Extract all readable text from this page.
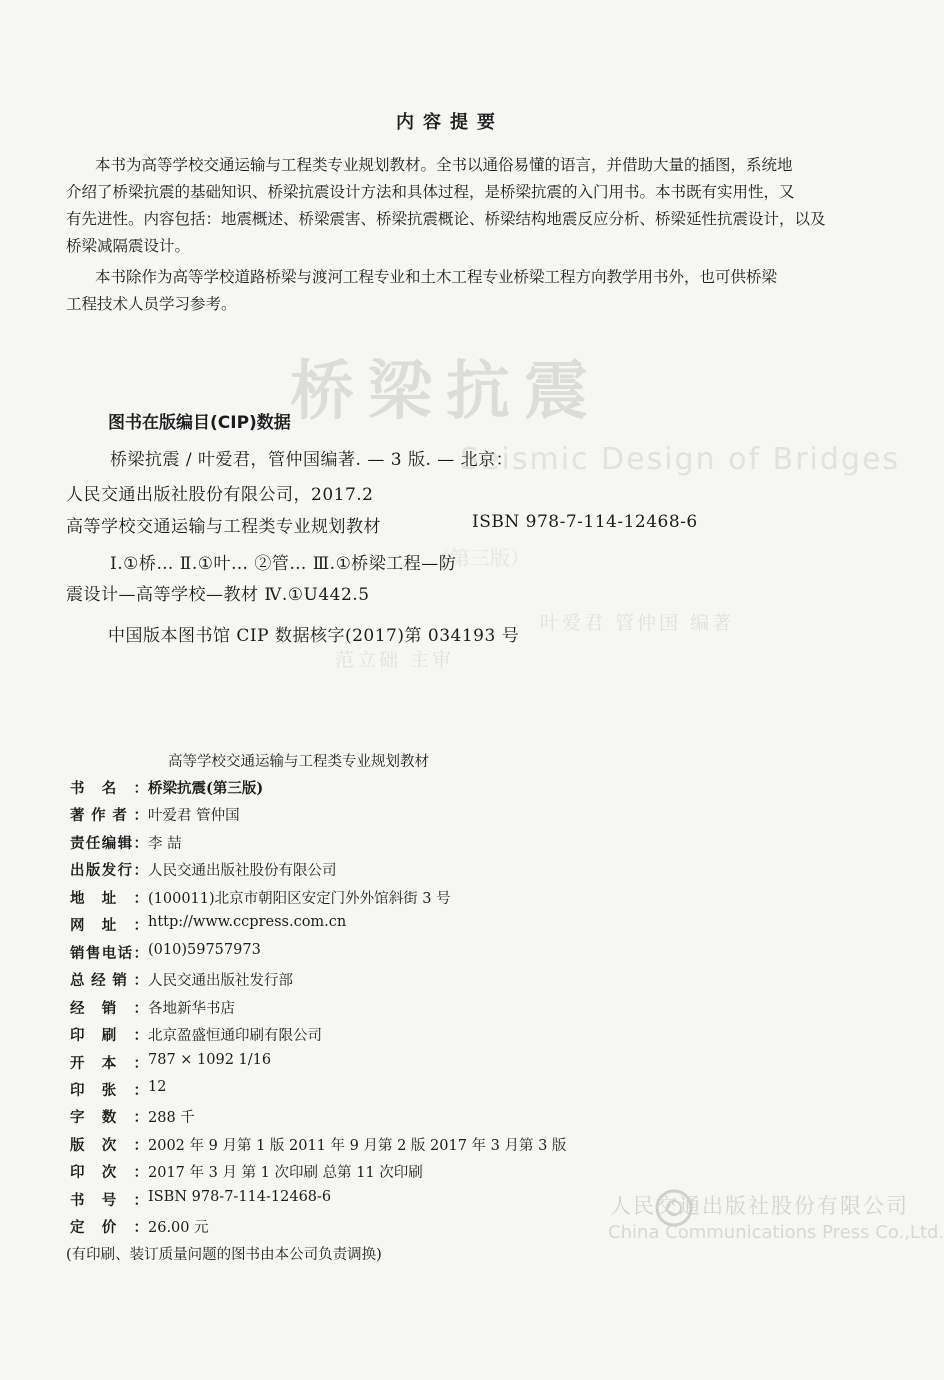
桥梁抗震
Seismic Design of Bridges
（第三版）
叶爱君 管仲国 编著
范立础 主审
人民交通出版社股份有限公司
China Communications Press Co.,Ltd.
内容提要
本书为高等学校交通运输与工程类专业规划教材。全书以通俗易懂的语言，并借助大量的插图，系统地
介绍了桥梁抗震的基础知识、桥梁抗震设计方法和具体过程，是桥梁抗震的入门用书。本书既有实用性，又
有先进性。内容包括：地震概述、桥梁震害、桥梁抗震概论、桥梁结构地震反应分析、桥梁延性抗震设计，以及
桥梁减隔震设计。
本书除作为高等学校道路桥梁与渡河工程专业和土木工程专业桥梁工程方向教学用书外，也可供桥梁
工程技术人员学习参考。
图书在版编目(CIP)数据
桥梁抗震 / 叶爱君，管仲国编著. — 3 版. — 北京：
人民交通出版社股份有限公司，2017.2
高等学校交通运输与工程类专业规划教材	ISBN 978-7-114-12468-6
Ⅰ.①桥… Ⅱ.①叶… ②管… Ⅲ.①桥梁工程—防
震设计—高等学校—教材 Ⅳ.①U442.5
中国版本图书馆 CIP 数据核字(2017)第 034193 号
高等学校交通运输与工程类专业规划教材
书 名 ： 桥梁抗震(第三版)
著 作 者 ： 叶爱君 管仲国
责 任 编 辑 ： 李 喆
出 版 发 行 ： 人民交通出版社股份有限公司
地 址 ： (100011)北京市朝阳区安定门外外馆斜街 3 号
网 址 ： http://www.ccpress.com.cn
销 售 电 话 ： (010)59757973
总 经 销 ： 人民交通出版社发行部
经 销 ： 各地新华书店
印 刷 ： 北京盈盛恒通印刷有限公司
开 本 ： 787 × 1092 1/16
印 张 ： 12
字 数 ： 288 千
版 次 ： 2002 年 9 月第 1 版 2011 年 9 月第 2 版 2017 年 3 月第 3 版
印 次 ： 2017 年 3 月 第 1 次印刷 总第 11 次印刷
书 号 ： ISBN 978-7-114-12468-6
定 价 ： 26.00 元
(有印刷、装订质量问题的图书由本公司负责调换)
